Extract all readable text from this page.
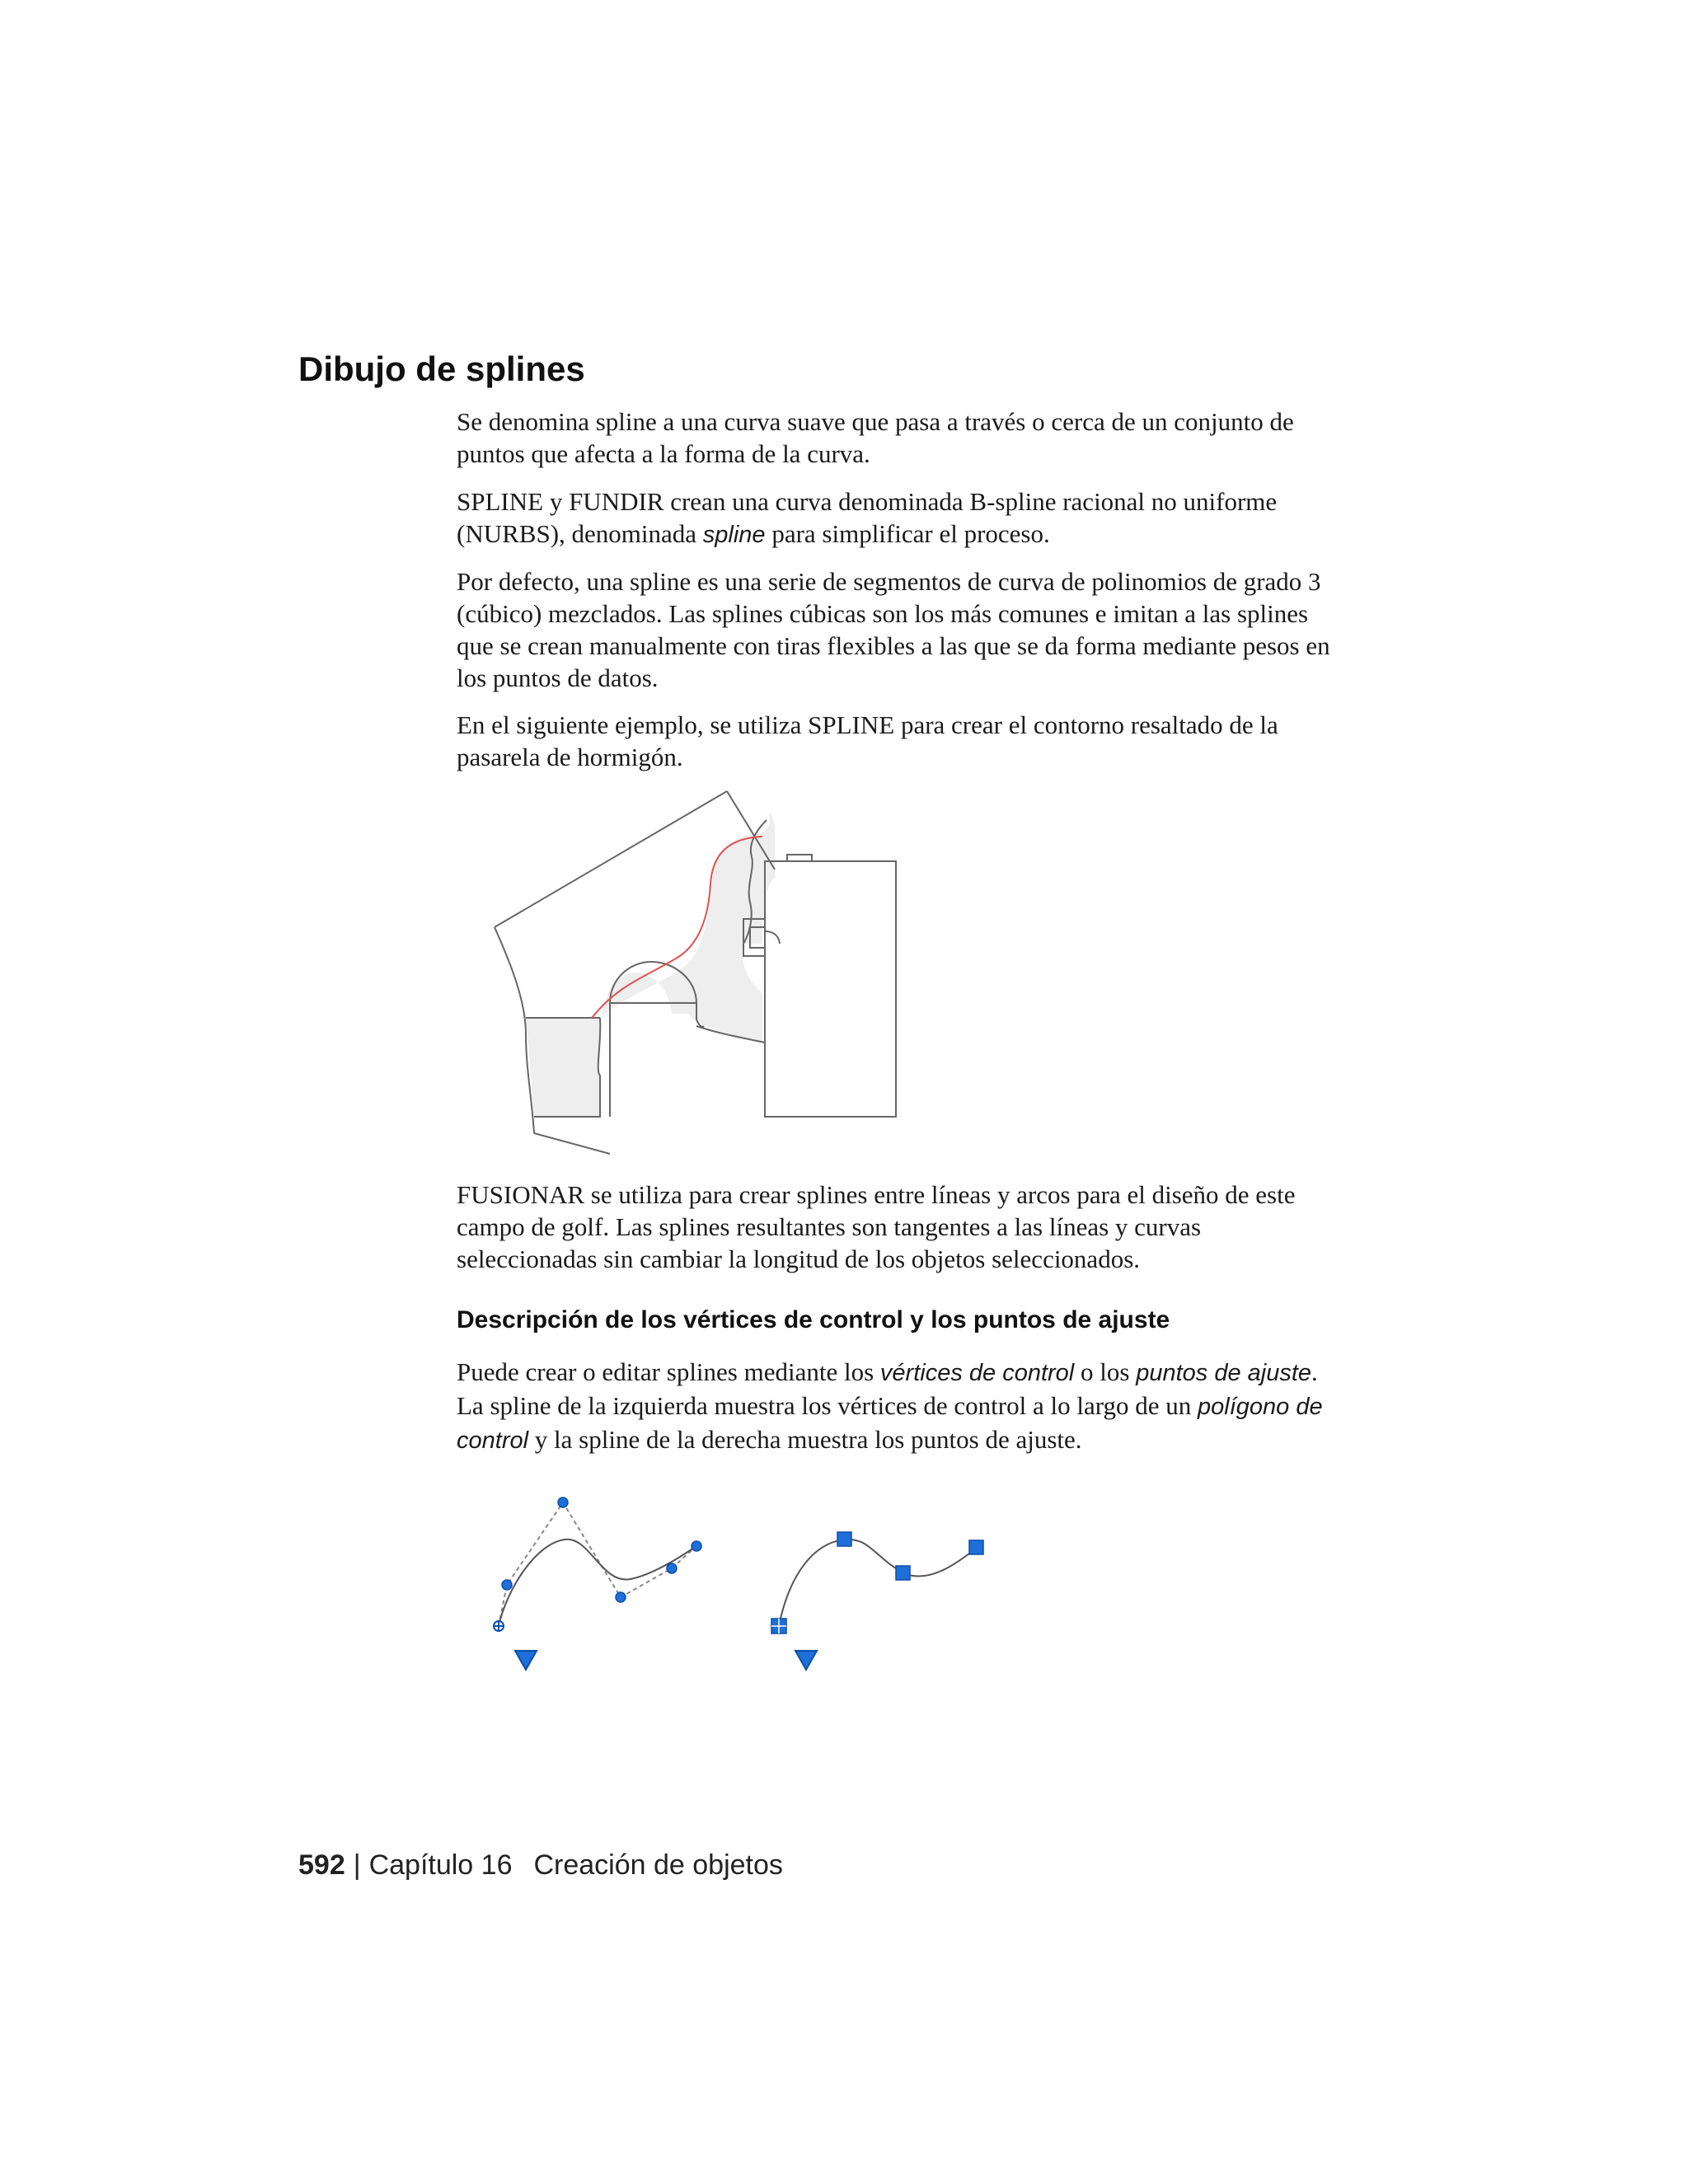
Dibujo de splines

Se denomina spline a una curva suave que pasa a través o cerca de un conjunto de puntos que afecta a la forma de la curva.

SPLINE y FUNDIR crean una curva denominada B-spline racional no uniforme (NURBS), denominada spline para simplificar el proceso.

Por defecto, una spline es una serie de segmentos de curva de polinomios de grado 3 (cúbico) mezclados. Las splines cúbicas son los más comunes e imitan a las splines que se crean manualmente con tiras flexibles a las que se da forma mediante pesos en los puntos de datos.

En el siguiente ejemplo, se utiliza SPLINE para crear el contorno resaltado de la pasarela de hormigón.

FUSIONAR se utiliza para crear splines entre líneas y arcos para el diseño de este campo de golf. Las splines resultantes son tangentes a las líneas y curvas seleccionadas sin cambiar la longitud de los objetos seleccionados.

Descripción de los vértices de control y los puntos de ajuste

Puede crear o editar splines mediante los vértices de control o los puntos de ajuste. La spline de la izquierda muestra los vértices de control a lo largo de un polígono de control y la spline de la derecha muestra los puntos de ajuste.

592 | Capítulo 16 Creación de objetos
